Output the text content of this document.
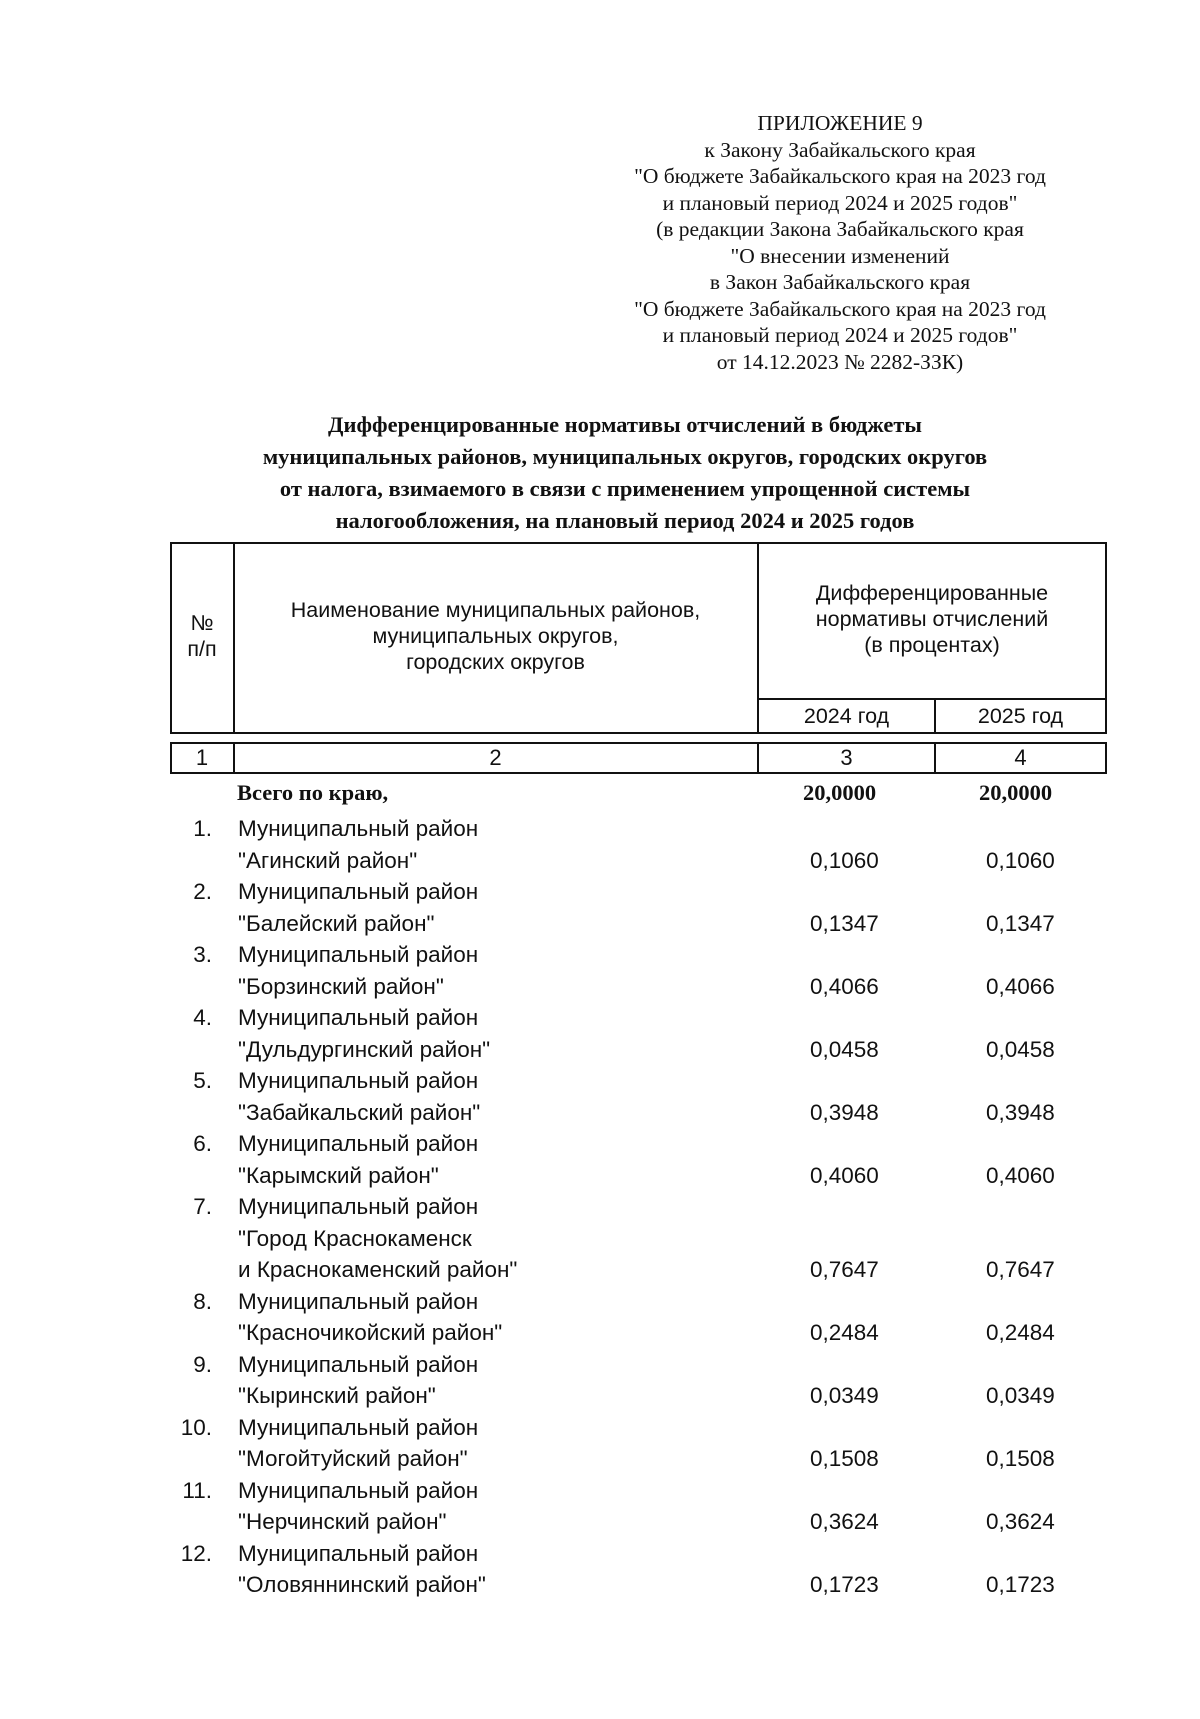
ПРИЛОЖЕНИЕ 9
к Закону Забайкальского края
"О бюджете Забайкальского края на 2023 год
и плановый период 2024 и 2025 годов"
(в редакции Закона Забайкальского края
"О внесении изменений
в Закон Забайкальского края
"О бюджете Забайкальского края на 2023 год
и плановый период 2024 и 2025 годов"
от 14.12.2023 № 2282-ЗЗК)
Дифференцированные нормативы отчислений в бюджеты
муниципальных районов, муниципальных округов, городских округов
от налога, взимаемого в связи с применением упрощенной системы
налогообложения, на плановый период 2024 и 2025 годов
№
п/п
Наименование муниципальных районов,
муниципальных округов,
городских округов
Дифференцированные
нормативы отчислений
(в процентах)
2024 год	2025 год
1	2	3	4
Всего по краю,	20,0000	20,0000
1. Муниципальный район
"Агинский район"	0,1060	0,1060
2. Муниципальный район
"Балейский район"	0,1347	0,1347
3. Муниципальный район
"Борзинский район"	0,4066	0,4066
4. Муниципальный район
"Дульдургинский район"	0,0458	0,0458
5. Муниципальный район
"Забайкальский район"	0,3948	0,3948
6. Муниципальный район
"Карымский район"	0,4060	0,4060
7. Муниципальный район
"Город Краснокаменск
и Краснокаменский район"	0,7647	0,7647
8. Муниципальный район
"Красночикойский район"	0,2484	0,2484
9. Муниципальный район
"Кыринский район"	0,0349	0,0349
10. Муниципальный район
"Могойтуйский район"	0,1508	0,1508
11. Муниципальный район
"Нерчинский район"	0,3624	0,3624
12. Муниципальный район
"Оловяннинский район"	0,1723	0,1723
